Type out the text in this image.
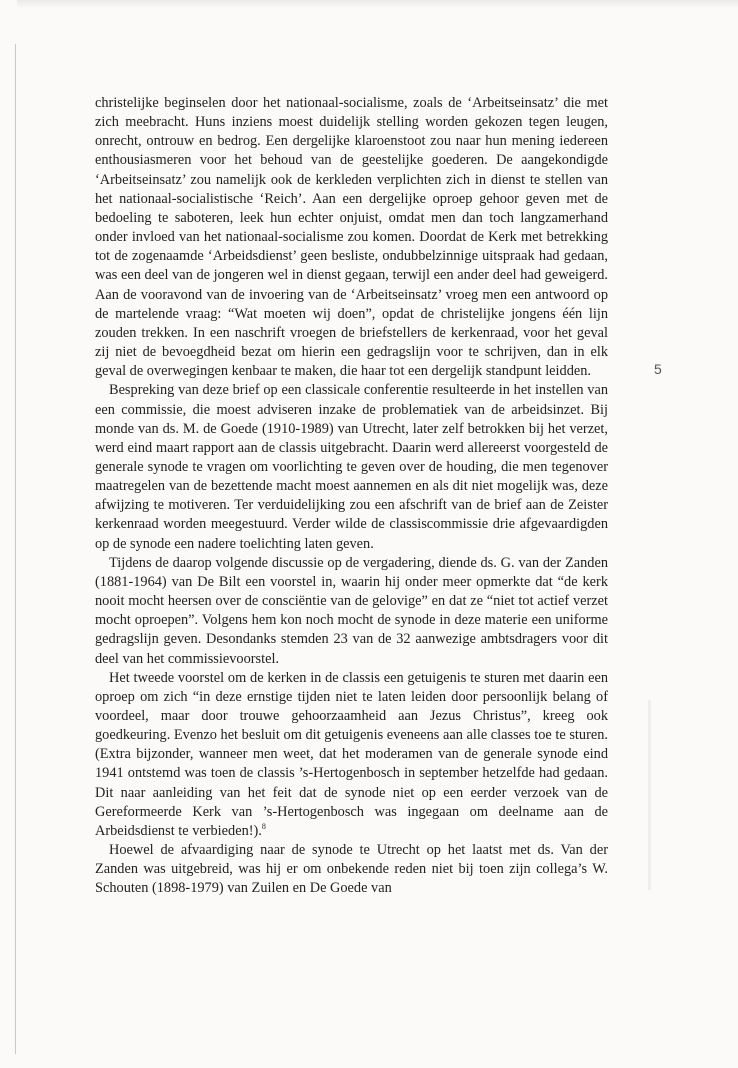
christelijke beginselen door het nationaal-socialisme, zoals de ‘Arbeitseinsatz’ die met zich meebracht. Huns inziens moest duidelijk stelling worden gekozen tegen leugen, onrecht, ontrouw en bedrog. Een dergelijke klaroenstoot zou naar hun mening iedereen enthousiasmeren voor het behoud van de geestelijke goederen. De aangekondigde ‘Arbeitseinsatz’ zou namelijk ook de kerkleden verplichten zich in dienst te stellen van het nationaal-socialistische ‘Reich’. Aan een dergelijke oproep gehoor geven met de bedoeling te saboteren, leek hun echter onjuist, omdat men dan toch langzamerhand onder invloed van het nationaal-socialisme zou komen. Doordat de Kerk met betrekking tot de zogenaamde ‘Arbeidsdienst’ geen besliste, ondubbelzinnige uitspraak had gedaan, was een deel van de jongeren wel in dienst gegaan, terwijl een ander deel had geweigerd. Aan de vooravond van de invoering van de ‘Arbeitseinsatz’ vroeg men een antwoord op de martelende vraag: “Wat moeten wij doen”, opdat de christelijke jongens één lijn zouden trekken. In een naschrift vroegen de briefstellers de kerkenraad, voor het geval zij niet de bevoegdheid bezat om hierin een gedragslijn voor te schrijven, dan in elk geval de overwegingen kenbaar te maken, die haar tot een dergelijk standpunt leidden.

Bespreking van deze brief op een classicale conferentie resulteerde in het instellen van een commissie, die moest adviseren inzake de problematiek van de arbeidsinzet. Bij monde van ds. M. de Goede (1910-1989) van Utrecht, later zelf betrokken bij het verzet, werd eind maart rapport aan de classis uitgebracht. Daarin werd allereerst voorgesteld de generale synode te vragen om voorlichting te geven over de houding, die men tegenover maatregelen van de bezettende macht moest aannemen en als dit niet mogelijk was, deze afwijzing te motiveren. Ter verduidelijking zou een afschrift van de brief aan de Zeister kerkenraad worden meegestuurd. Verder wilde de classiscommissie drie afgevaardigden op de synode een nadere toelichting laten geven.

Tijdens de daarop volgende discussie op de vergadering, diende ds. G. van der Zanden (1881-1964) van De Bilt een voorstel in, waarin hij onder meer opmerkte dat “de kerk nooit mocht heersen over de consciëntie van de gelovige” en dat ze “niet tot actief verzet mocht oproepen”. Volgens hem kon noch mocht de synode in deze materie een uniforme gedragslijn geven. Desondanks stemden 23 van de 32 aanwezige ambtsdragers voor dit deel van het commissievoorstel.

Het tweede voorstel om de kerken in de classis een getuigenis te sturen met daarin een oproep om zich “in deze ernstige tijden niet te laten leiden door persoonlijk belang of voordeel, maar door trouwe gehoorzaamheid aan Jezus Christus”, kreeg ook goedkeuring. Evenzo het besluit om dit getuigenis eveneens aan alle classes toe te sturen. (Extra bijzonder, wanneer men weet, dat het moderamen van de generale synode eind 1941 ontstemd was toen de classis ’s-Hertogenbosch in september hetzelfde had gedaan. Dit naar aanleiding van het feit dat de synode niet op een eerder verzoek van de Gereformeerde Kerk van ’s-Hertogenbosch was ingegaan om deelname aan de Arbeidsdienst te verbieden!).$^8$

Hoewel de afvaardiging naar de synode te Utrecht op het laatst met ds. Van der Zanden was uitgebreid, was hij er om onbekende reden niet bij toen zijn collega’s W. Schouten (1898-1979) van Zuilen en De Goede van

5
